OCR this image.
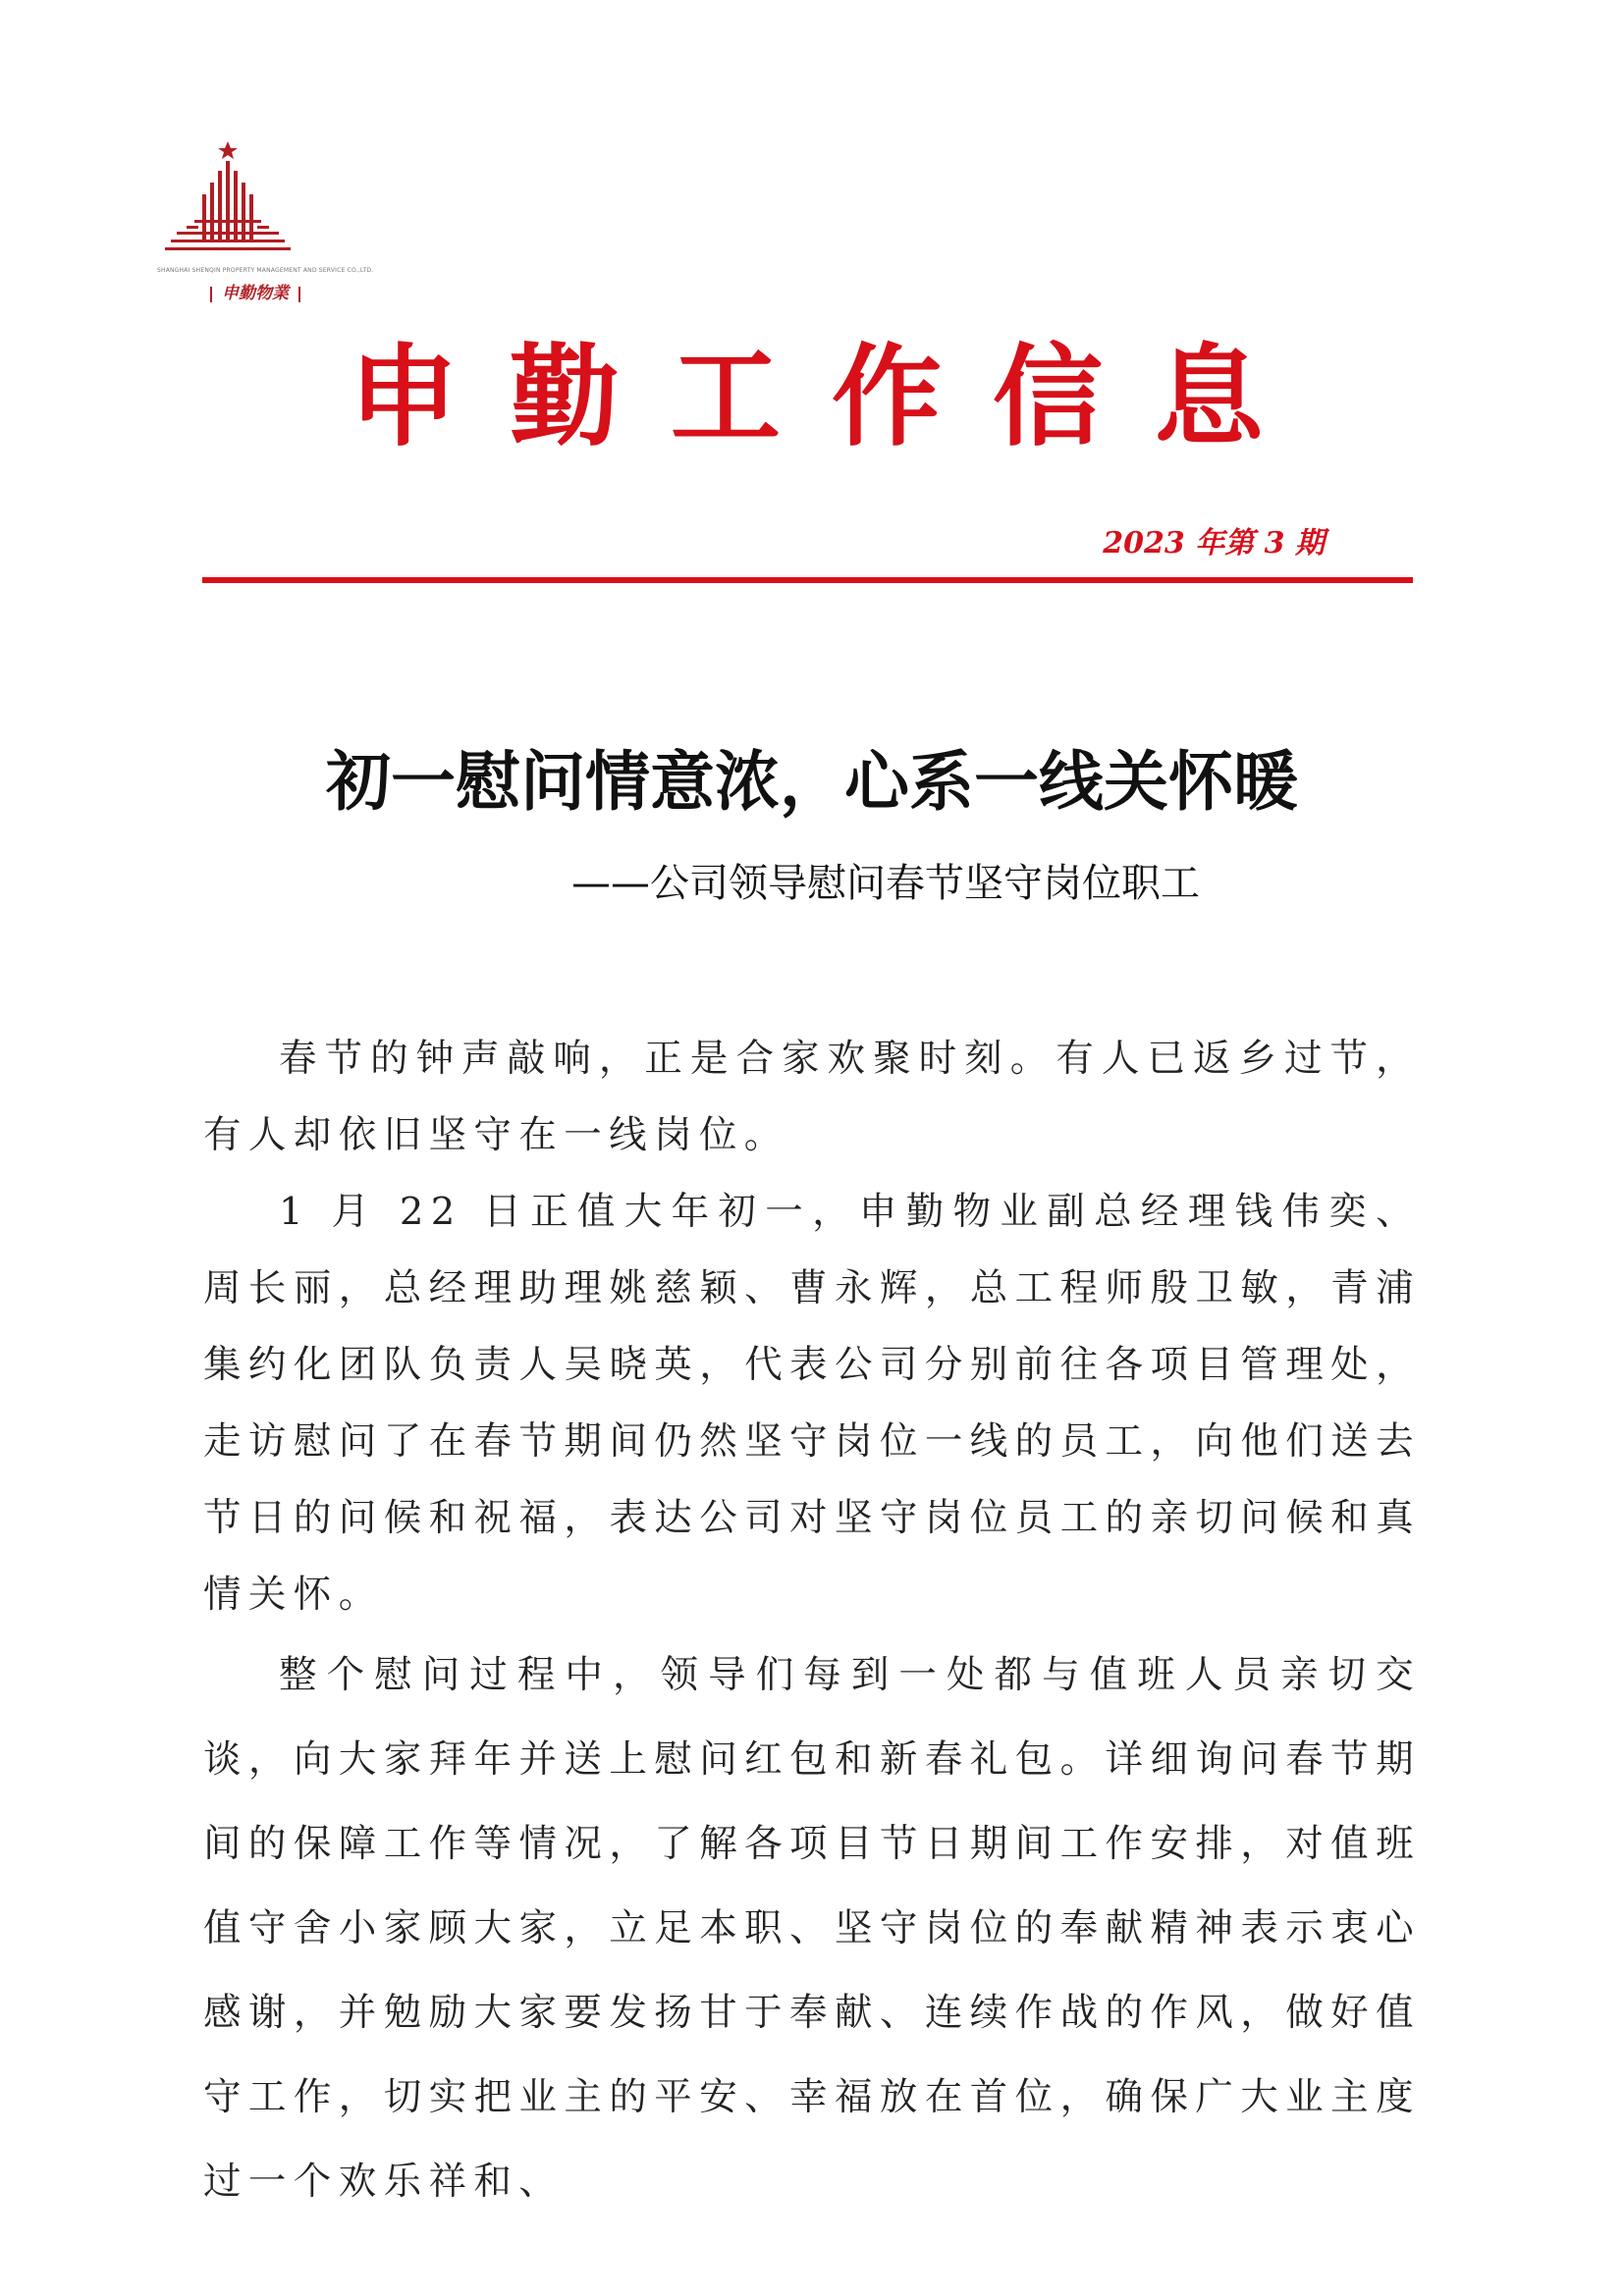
SHANGHAI SHENQIN PROPERTY MANAGEMENT AND SERVICE CO.,LTD.
申勤物業
申勤工作信息
2023 年第 3 期
初一慰问情意浓，心系一线关怀暖
——公司领导慰问春节坚守岗位职工

春节的钟声敲响，正是合家欢聚时刻。有人已返乡过节，有人却依旧坚守在一线岗位。

1 月 22 日正值大年初一，申勤物业副总经理钱伟奕、周长丽，总经理助理姚慈颖、曹永辉，总工程师殷卫敏，青浦集约化团队负责人吴晓英，代表公司分别前往各项目管理处，走访慰问了在春节期间仍然坚守岗位一线的员工，向他们送去节日的问候和祝福，表达公司对坚守岗位员工的亲切问候和真情关怀。

整个慰问过程中，领导们每到一处都与值班人员亲切交谈，向大家拜年并送上慰问红包和新春礼包。详细询问春节期间的保障工作等情况，了解各项目节日期间工作安排，对值班值守舍小家顾大家，立足本职、坚守岗位的奉献精神表示衷心感谢，并勉励大家要发扬甘于奉献、连续作战的作风，做好值守工作，切实把业主的平安、幸福放在首位，确保广大业主度过一个欢乐祥和、
